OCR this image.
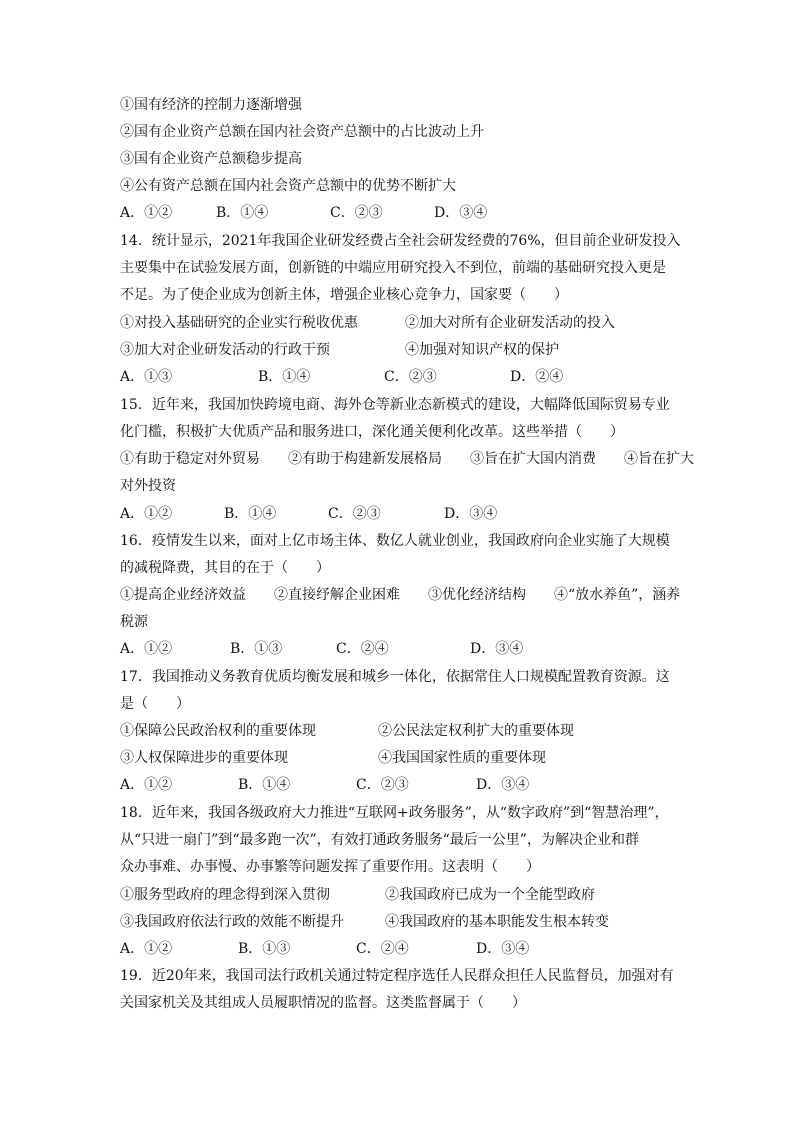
①国有经济的控制力逐渐增强
②国有企业资产总额在国内社会资产总额中的占比波动上升
③国有企业资产总额稳步提高
④公有资产总额在国内社会资产总额中的优势不断扩大
A．①②	B．①④	C．②③	D．③④
14．统计显示，2021年我国企业研发经费占全社会研发经费的76%，但目前企业研发投入
主要集中在试验发展方面，创新链的中端应用研究投入不到位，前端的基础研究投入更是
不足。为了使企业成为创新主体，增强企业核心竞争力，国家要（　　）
①对投入基础研究的企业实行税收优惠	②加大对所有企业研发活动的投入
③加大对企业研发活动的行政干预	④加强对知识产权的保护
A．①③	B．①④	C．②③	D．②④
15．近年来，我国加快跨境电商、海外仓等新业态新模式的建设，大幅降低国际贸易专业
化门槛，积极扩大优质产品和服务进口，深化通关便利化改革。这些举措（　　）
①有助于稳定对外贸易　　②有助于构建新发展格局　　③旨在扩大国内消费　　④旨在扩大
对外投资
A．①②	B．①④	C．②③	D．③④
16．疫情发生以来，面对上亿市场主体、数亿人就业创业，我国政府向企业实施了大规模
的减税降费，其目的在于（　　）
①提高企业经济效益　　②直接纾解企业困难　　③优化经济结构　　④“放水养鱼”，涵养
税源
A．①②	B．①③	C．②④	D．③④
17．我国推动义务教育优质均衡发展和城乡一体化，依据常住人口规模配置教育资源。这
是（　　）
①保障公民政治权利的重要体现	②公民法定权利扩大的重要体现
③人权保障进步的重要体现	④我国国家性质的重要体现
A．①②	B．①④	C．②③	D．③④
18．近年来，我国各级政府大力推进“互联网+政务服务”，从“数字政府”到“智慧治理”，
从“只进一扇门”到“最多跑一次”，有效打通政务服务“最后一公里”，为解决企业和群
众办事难、办事慢、办事繁等问题发挥了重要作用。这表明（　　）
①服务型政府的理念得到深入贯彻	②我国政府已成为一个全能型政府
③我国政府依法行政的效能不断提升	④我国政府的基本职能发生根本转变
A．①②	B．①③	C．②④	D．③④
19．近20年来，我国司法行政机关通过特定程序选任人民群众担任人民监督员，加强对有
关国家机关及其组成人员履职情况的监督。这类监督属于（　　）
